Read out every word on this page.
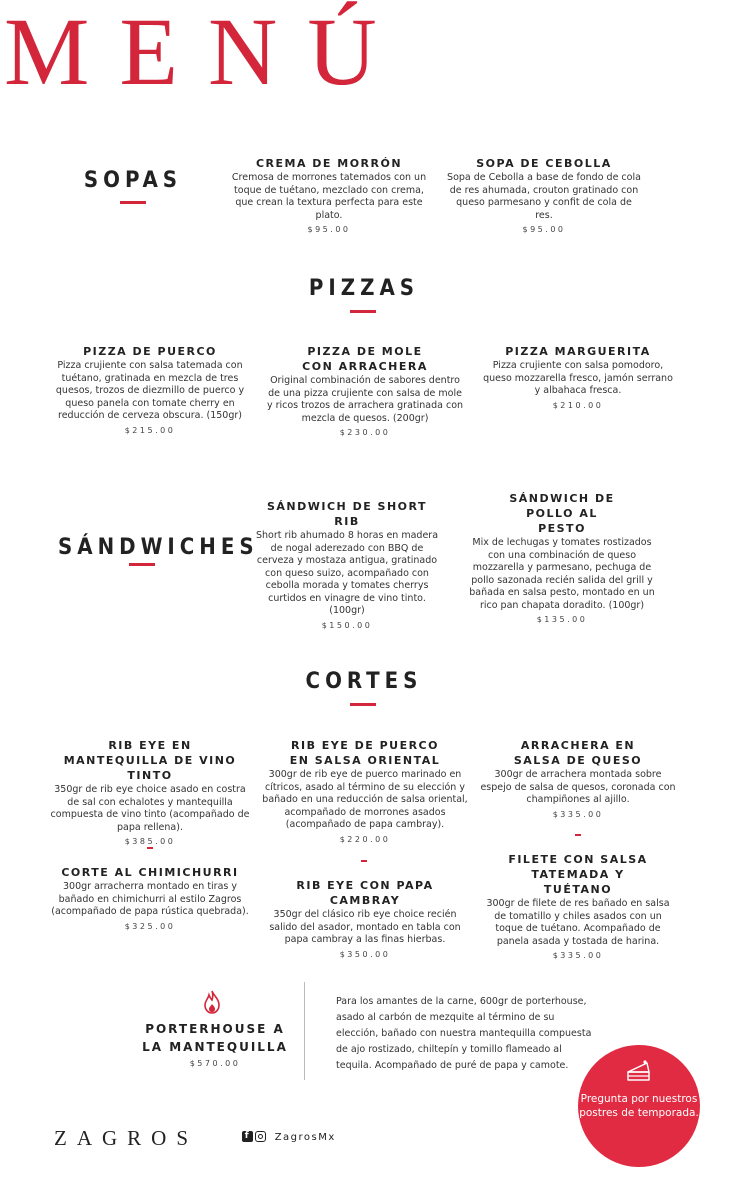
MENÚ
SOPAS
CREMA DE MORRÓN
Cremosa de morrones tatemados con un toque de tuétano, mezclado con crema, que crean la textura perfecta para este plato.
$95.00
SOPA DE CEBOLLA
Sopa de Cebolla a base de fondo de cola de res ahumada, crouton gratinado con queso parmesano y confit de cola de res.
$95.00
PIZZAS
PIZZA DE PUERCO
Pizza crujiente con salsa tatemada con tuétano, gratinada en mezcla de tres quesos, trozos de diezmillo de puerco y queso panela con tomate cherry en reducción de cerveza obscura. (150gr)
$215.00
PIZZA DE MOLE CON ARRACHERA
Original combinación de sabores dentro de una pizza crujiente con salsa de mole y ricos trozos de arrachera gratinada con mezcla de quesos. (200gr)
$230.00
PIZZA MARGUERITA
Pizza crujiente con salsa pomodoro, queso mozzarella fresco, jamón serrano y albahaca fresca.
$210.00
SÁNDWICHES
SÁNDWICH DE SHORT RIB
Short rib ahumado 8 horas en madera de nogal aderezado con BBQ de cerveza y mostaza antigua, gratinado con queso suizo, acompañado con cebolla morada y tomates cherrys curtidos en vinagre de vino tinto. (100gr)
$150.00
SÁNDWICH DE POLLO AL PESTO
Mix de lechugas y tomates rostizados con una combinación de queso mozzarella y parmesano, pechuga de pollo sazonada recién salida del grill y bañada en salsa pesto, montado en un rico pan chapata doradito. (100gr)
$135.00
CORTES
RIB EYE EN MANTEQUILLA DE VINO TINTO
350gr de rib eye choice asado en costra de sal con echalotes y mantequilla compuesta de vino tinto (acompañado de papa rellena).
$385.00
CORTE AL CHIMICHURRI
300gr arracherra montado en tiras y bañado en chimichurri al estilo Zagros (acompañado de papa rústica quebrada).
$325.00
RIB EYE DE PUERCO EN SALSA ORIENTAL
300gr de rib eye de puerco marinado en cítricos, asado al término de su elección y bañado en una reducción de salsa oriental, acompañado de morrones asados (acompañado de papa cambray).
$220.00
RIB EYE CON PAPA CAMBRAY
350gr del clásico rib eye choice recién salido del asador, montado en tabla con papa cambray a las finas hierbas.
$350.00
ARRACHERA EN SALSA DE QUESO
300gr de arrachera montada sobre espejo de salsa de quesos, coronada con champiñones al ajillo.
$335.00
FILETE CON SALSA TATEMADA Y TUÉTANO
300gr de filete de res bañado en salsa de tomatillo y chiles asados con un toque de tuétano. Acompañado de panela asada y tostada de harina.
$335.00
PORTERHOUSE A LA MANTEQUILLA
$570.00
Para los amantes de la carne, 600gr de porterhouse, asado al carbón de mezquite al término de su elección, bañado con nuestra mantequilla compuesta de ajo rostizado, chiltepín y tomillo flameado al tequila. Acompañado de puré de papa y camote.
Pregunta por nuestros postres de temporada.
ZAGROS	f ZagrosMx
